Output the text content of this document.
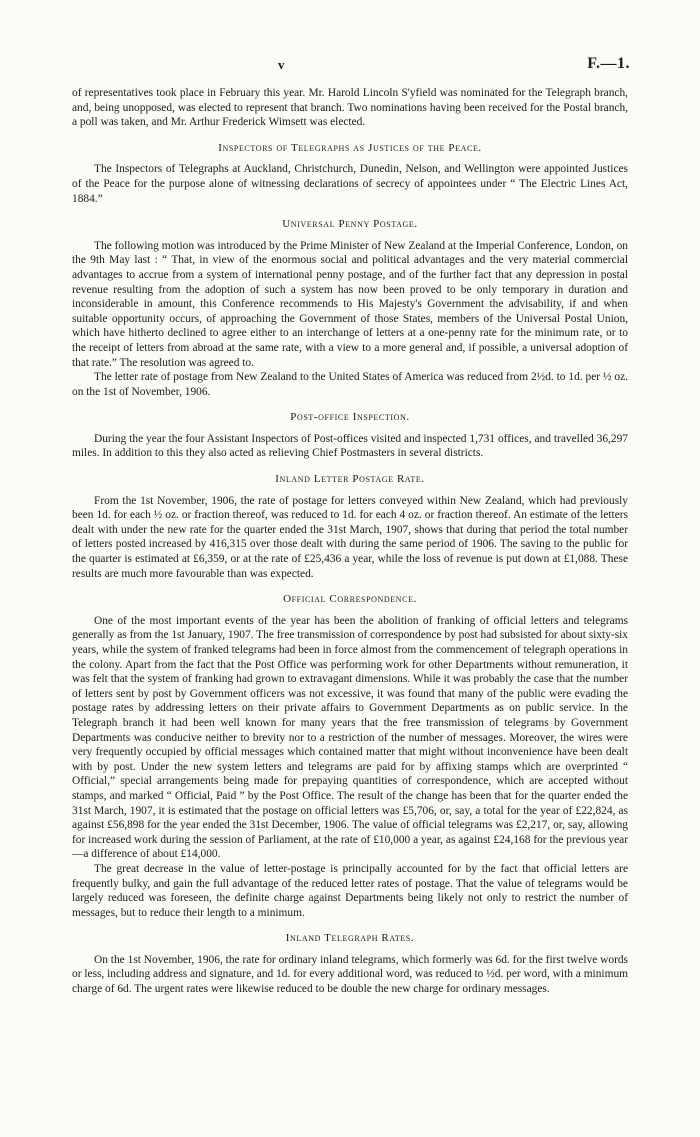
v	F.—1.

of representatives took place in February this year. Mr. Harold Lincoln S'yfield was nominated for the Telegraph branch, and, being unopposed, was elected to represent that branch. Two nominations having been received for the Postal branch, a poll was taken, and Mr. Arthur Frederick Wimsett was elected.

Inspectors of Telegraphs as Justices of the Peace.

The Inspectors of Telegraphs at Auckland, Christchurch, Dunedin, Nelson, and Wellington were appointed Justices of the Peace for the purpose alone of witnessing declarations of secrecy of appointees under “ The Electric Lines Act, 1884.”

Universal Penny Postage.

The following motion was introduced by the Prime Minister of New Zealand at the Imperial Conference, London, on the 9th May last : “ That, in view of the enormous social and political advantages and the very material commercial advantages to accrue from a system of international penny postage, and of the further fact that any depression in postal revenue resulting from the adoption of such a system has now been proved to be only temporary in duration and inconsiderable in amount, this Conference recommends to His Majesty's Government the advisability, if and when suitable opportunity occurs, of approaching the Government of those States, members of the Universal Postal Union, which have hitherto declined to agree either to an interchange of letters at a one-penny rate for the minimum rate, or to the receipt of letters from abroad at the same rate, with a view to a more general and, if possible, a universal adoption of that rate.” The resolution was agreed to.

The letter rate of postage from New Zealand to the United States of America was reduced from 2½d. to 1d. per ½ oz. on the 1st of November, 1906.

Post-office Inspection.

During the year the four Assistant Inspectors of Post-offices visited and inspected 1,731 offices, and travelled 36,297 miles. In addition to this they also acted as relieving Chief Postmasters in several districts.

Inland Letter Postage Rate.

From the 1st November, 1906, the rate of postage for letters conveyed within New Zealand, which had previously been 1d. for each ½ oz. or fraction thereof, was reduced to 1d. for each 4 oz. or fraction thereof. An estimate of the letters dealt with under the new rate for the quarter ended the 31st March, 1907, shows that during that period the total number of letters posted increased by 416,315 over those dealt with during the same period of 1906. The saving to the public for the quarter is estimated at £6,359, or at the rate of £25,436 a year, while the loss of revenue is put down at £1,088. These results are much more favourable than was expected.

Official Correspondence.

One of the most important events of the year has been the abolition of franking of official letters and telegrams generally as from the 1st January, 1907. The free transmission of correspondence by post had subsisted for about sixty-six years, while the system of franked telegrams had been in force almost from the commencement of telegraph operations in the colony. Apart from the fact that the Post Office was performing work for other Departments without remuneration, it was felt that the system of franking had grown to extravagant dimensions. While it was probably the case that the number of letters sent by post by Government officers was not excessive, it was found that many of the public were evading the postage rates by addressing letters on their private affairs to Government Departments as on public service. In the Telegraph branch it had been well known for many years that the free transmission of telegrams by Government Departments was conducive neither to brevity nor to a restriction of the number of messages. Moreover, the wires were very frequently occupied by official messages which contained matter that might without inconvenience have been dealt with by post. Under the new system letters and telegrams are paid for by affixing stamps which are overprinted “ Official,” special arrangements being made for prepaying quantities of correspondence, which are accepted without stamps, and marked “ Official, Paid ” by the Post Office. The result of the change has been that for the quarter ended the 31st March, 1907, it is estimated that the postage on official letters was £5,706, or, say, a total for the year of £22,824, as against £56,898 for the year ended the 31st December, 1906. The value of official telegrams was £2,217, or, say, allowing for increased work during the session of Parliament, at the rate of £10,000 a year, as against £24,168 for the previous year—a difference of about £14,000.

The great decrease in the value of letter-postage is principally accounted for by the fact that official letters are frequently bulky, and gain the full advantage of the reduced letter rates of postage. That the value of telegrams would be largely reduced was foreseen, the definite charge against Departments being likely not only to restrict the number of messages, but to reduce their length to a minimum.

Inland Telegraph Rates.

On the 1st November, 1906, the rate for ordinary inland telegrams, which formerly was 6d. for the first twelve words or less, including address and signature, and 1d. for every additional word, was reduced to ½d. per word, with a minimum charge of 6d. The urgent rates were likewise reduced to be double the new charge for ordinary messages.
